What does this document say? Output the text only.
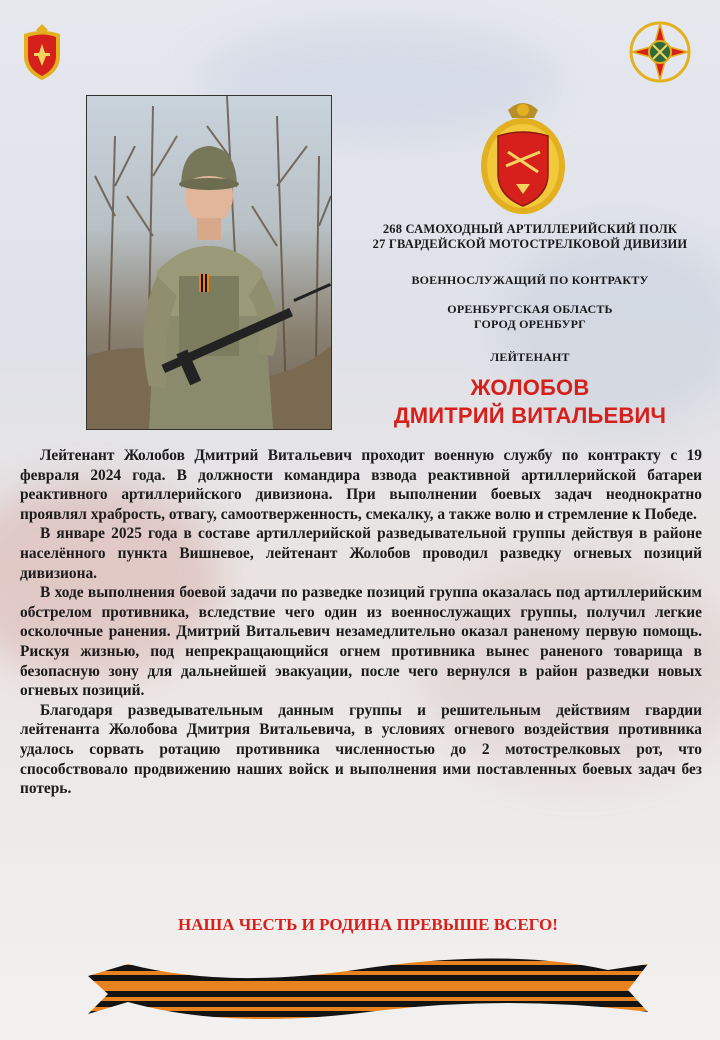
268 САМОХОДНЫЙ АРТИЛЛЕРИЙСКИЙ ПОЛК
27 ГВАРДЕЙСКОЙ МОТОСТРЕЛКОВОЙ ДИВИЗИИ
ВОЕННОСЛУЖАЩИЙ ПО КОНТРАКТУ
ОРЕНБУРГСКАЯ ОБЛАСТЬ
ГОРОД ОРЕНБУРГ
ЛЕЙТЕНАНТ
ЖОЛОБОВ
ДМИТРИЙ ВИТАЛЬЕВИЧ

Лейтенант Жолобов Дмитрий Витальевич проходит военную службу по контракту с 19 февраля 2024 года. В должности командира взвода реактивной артиллерийской батареи реактивного артиллерийского дивизиона. При выполнении боевых задач неоднократно проявлял храбрость, отвагу, самоотверженность, смекалку, а также волю и стремление к Победе.

В январе 2025 года в составе артиллерийской разведывательной группы действуя в районе населённого пункта Вишневое, лейтенант Жолобов проводил разведку огневых позиций дивизиона.

В ходе выполнения боевой задачи по разведке позиций группа оказалась под артиллерийским обстрелом противника, вследствие чего один из военнослужащих группы, получил легкие осколочные ранения. Дмитрий Витальевич незамедлительно оказал раненому первую помощь. Рискуя жизнью, под непрекращающийся огнем противника вынес раненого товарища в безопасную зону для дальнейшей эвакуации, после чего вернулся в район разведки новых огневых позиций.

Благодаря разведывательным данным группы и решительным действиям гвардии лейтенанта Жолобова Дмитрия Витальевича, в условиях огневого воздействия противника удалось сорвать ротацию противника численностью до 2 мотострелковых рот, что способствовало продвижению наших войск и выполнения ими поставленных боевых задач без потерь.

НАША ЧЕСТЬ И РОДИНА ПРЕВЫШЕ ВСЕГО!
